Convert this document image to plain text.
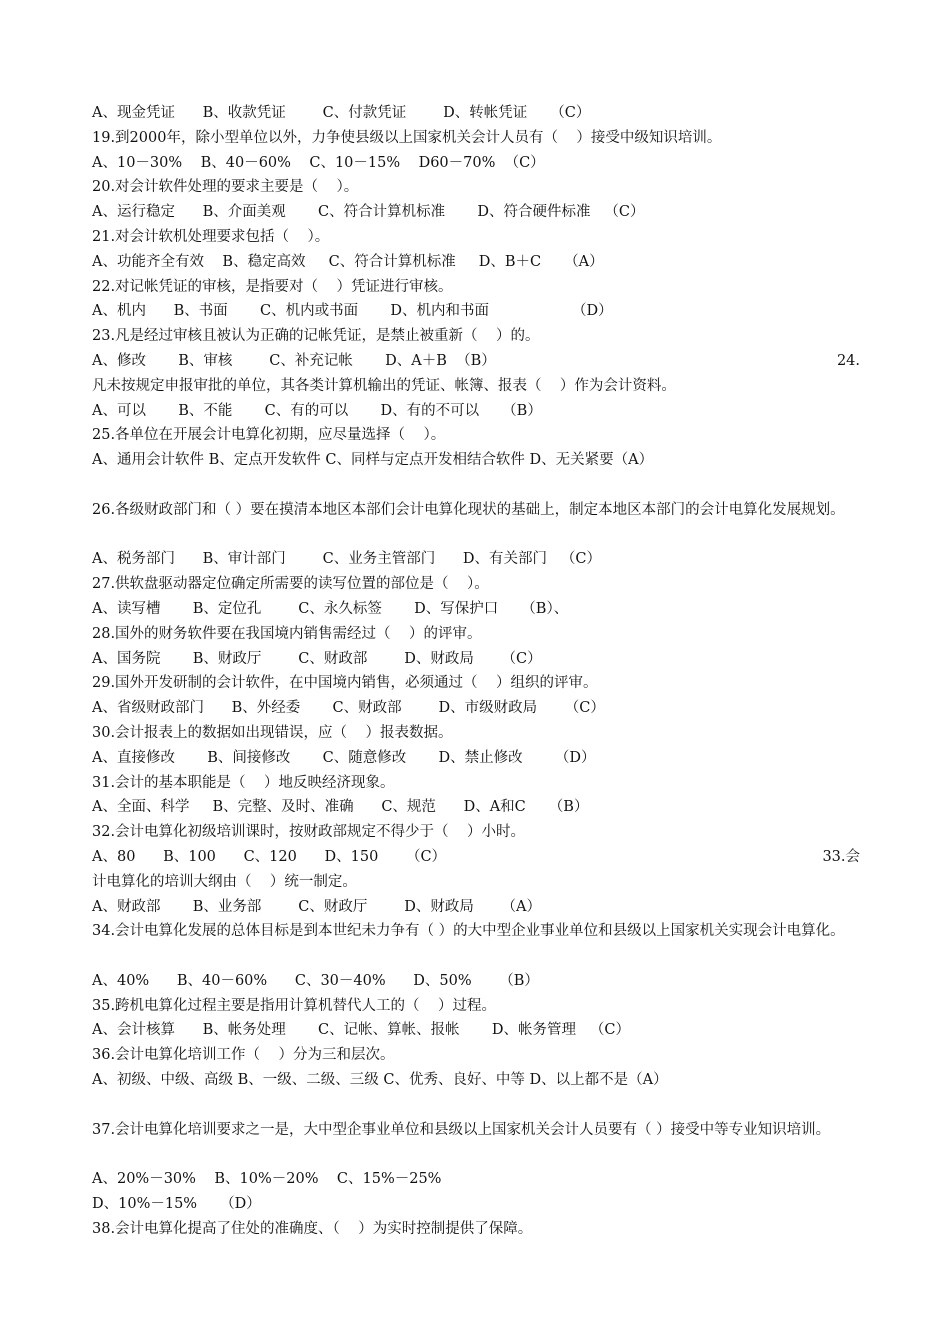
A、现金凭证      B、收款凭证        C、付款凭证        D、转帐凭证     （C）
19.到2000年，除小型单位以外，力争使县级以上国家机关会计人员有（    ）接受中级知识培训。
A、10－30%    B、40－60%    C、10－15%    D60－70%  （C）
20.对会计软件处理的要求主要是（    ）。
A、运行稳定      B、介面美观       C、符合计算机标准       D、符合硬件标准   （C）
21.对会计软机处理要求包括（    ）。
A、功能齐全有效    B、稳定高效     C、符合计算机标准     D、B＋C     （A）
22.对记帐凭证的审核，是指要对（    ）凭证进行审核。
A、机内      B、书面       C、机内或书面       D、机内和书面                  （D）
23.凡是经过审核且被认为正确的记帐凭证，是禁止被重新（    ）的。
A、修改       B、审核        C、补充记帐       D、A＋B  （B）	24.
凡未按规定申报审批的单位，其各类计算机输出的凭证、帐簿、报表（    ）作为会计资料。
A、可以       B、不能       C、有的可以       D、有的不可以     （B）
25.各单位在开展会计电算化初期，应尽量选择（    ）。
A、通用会计软件 B、定点开发软件 C、同样与定点开发相结合软件 D、无关紧要（A）
26.各级财政部门和（ ）要在摸清本地区本部们会计电算化现状的基础上，制定本地区本部门的会计电算化发展规划。
A、税务部门      B、审计部门        C、业务主管部门      D、有关部门   （C）
27.供软盘驱动器定位确定所需要的读写位置的部位是（    ）。
A、读写槽       B、定位孔        C、永久标签       D、写保护口     （B）、
28.国外的财务软件要在我国境内销售需经过（    ）的评审。
A、国务院       B、财政厅        C、财政部        D、财政局      （C）
29.国外开发研制的会计软件，在中国境内销售，必须通过（    ）组织的评审。
A、省级财政部门      B、外经委       C、财政部        D、市级财政局      （C）
30.会计报表上的数据如出现错误，应（    ）报表数据。
A、直接修改       B、间接修改       C、随意修改       D、禁止修改       （D）
31.会计的基本职能是（    ）地反映经济现象。
A、全面、科学     B、完整、及时、准确      C、规范      D、A和C     （B）
32.会计电算化初级培训课时，按财政部规定不得少于（    ）小时。
A、80      B、100      C、120      D、150      （C）	33.会
计电算化的培训大纲由（    ）统一制定。
A、财政部       B、业务部        C、财政厅        D、财政局      （A）
34.会计电算化发展的总体目标是到本世纪未力争有（ ）的大中型企业事业单位和县级以上国家机关实现会计电算化。
A、40%      B、40－60%      C、30－40%      D、50%      （B）
35.跨机电算化过程主要是指用计算机替代人工的（    ）过程。
A、会计核算      B、帐务处理       C、记帐、算帐、报帐       D、帐务管理   （C）
36.会计电算化培训工作（    ）分为三和层次。
A、初级、中级、高级 B、一级、二级、三级 C、优秀、良好、中等 D、以上都不是（A）
37.会计电算化培训要求之一是，大中型企事业单位和县级以上国家机关会计人员要有（ ）接受中等专业知识培训。
A、20%－30%    B、10%－20%    C、15%－25%
D、10%－15%     （D）
38.会计电算化提高了住处的准确度、（    ）为实时控制提供了保障。
